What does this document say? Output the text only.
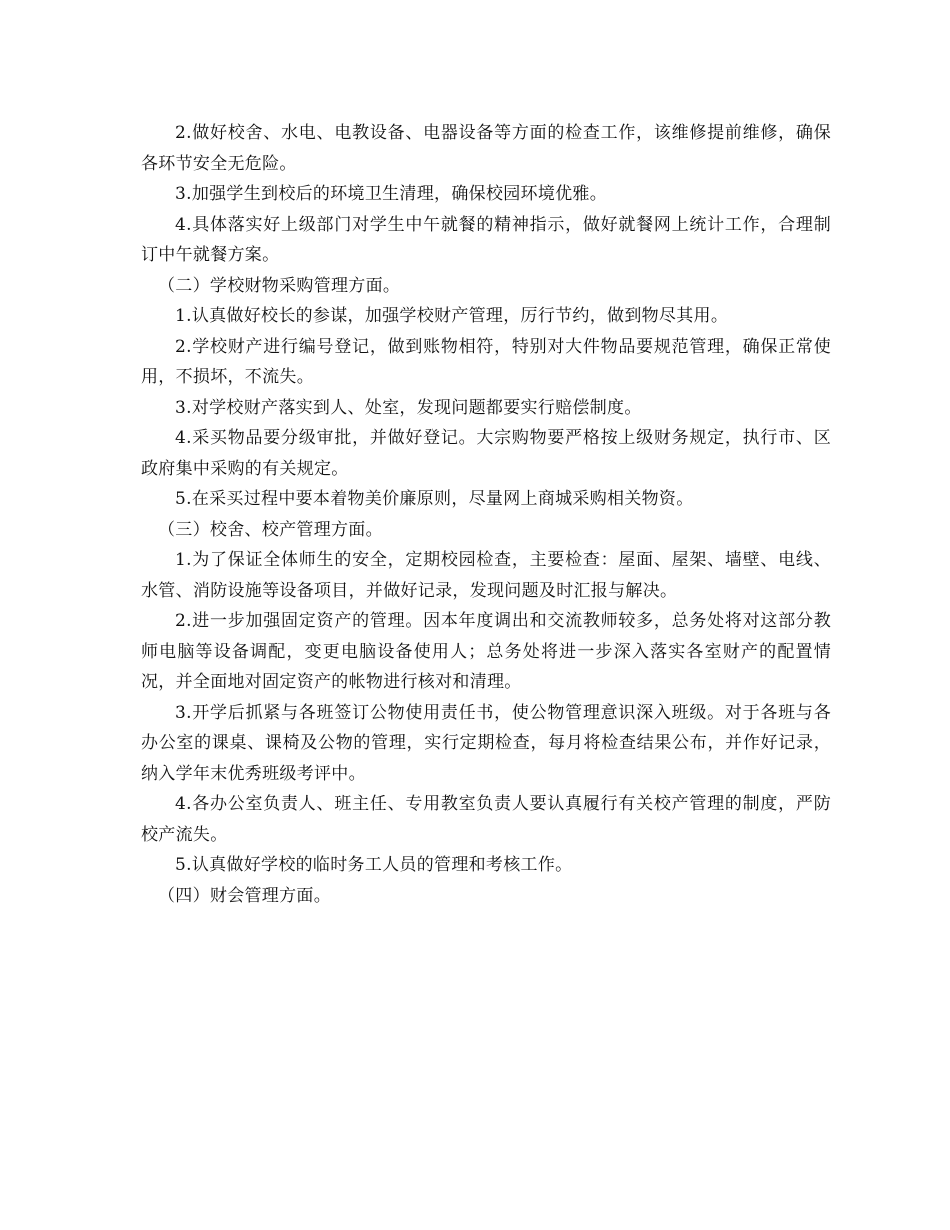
2.做好校舍、水电、电教设备、电器设备等方面的检查工作，该维修提前维修，确保各环节安全无危险。

3.加强学生到校后的环境卫生清理，确保校园环境优雅。

4.具体落实好上级部门对学生中午就餐的精神指示，做好就餐网上统计工作，合理制订中午就餐方案。

（二）学校财物采购管理方面。

1.认真做好校长的参谋，加强学校财产管理，厉行节约，做到物尽其用。

2.学校财产进行编号登记，做到账物相符，特别对大件物品要规范管理，确保正常使用，不损坏，不流失。

3.对学校财产落实到人、处室，发现问题都要实行赔偿制度。

4.采买物品要分级审批，并做好登记。大宗购物要严格按上级财务规定，执行市、区政府集中采购的有关规定。

5.在采买过程中要本着物美价廉原则，尽量网上商城采购相关物资。

（三）校舍、校产管理方面。

1.为了保证全体师生的安全，定期校园检查，主要检查：屋面、屋架、墙壁、电线、水管、消防设施等设备项目，并做好记录，发现问题及时汇报与解决。

2.进一步加强固定资产的管理。因本年度调出和交流教师较多，总务处将对这部分教师电脑等设备调配，变更电脑设备使用人；总务处将进一步深入落实各室财产的配置情况，并全面地对固定资产的帐物进行核对和清理。

3.开学后抓紧与各班签订公物使用责任书，使公物管理意识深入班级。对于各班与各办公室的课桌、课椅及公物的管理，实行定期检查，每月将检查结果公布，并作好记录，纳入学年末优秀班级考评中。

4.各办公室负责人、班主任、专用教室负责人要认真履行有关校产管理的制度，严防校产流失。

5.认真做好学校的临时务工人员的管理和考核工作。

（四）财会管理方面。
